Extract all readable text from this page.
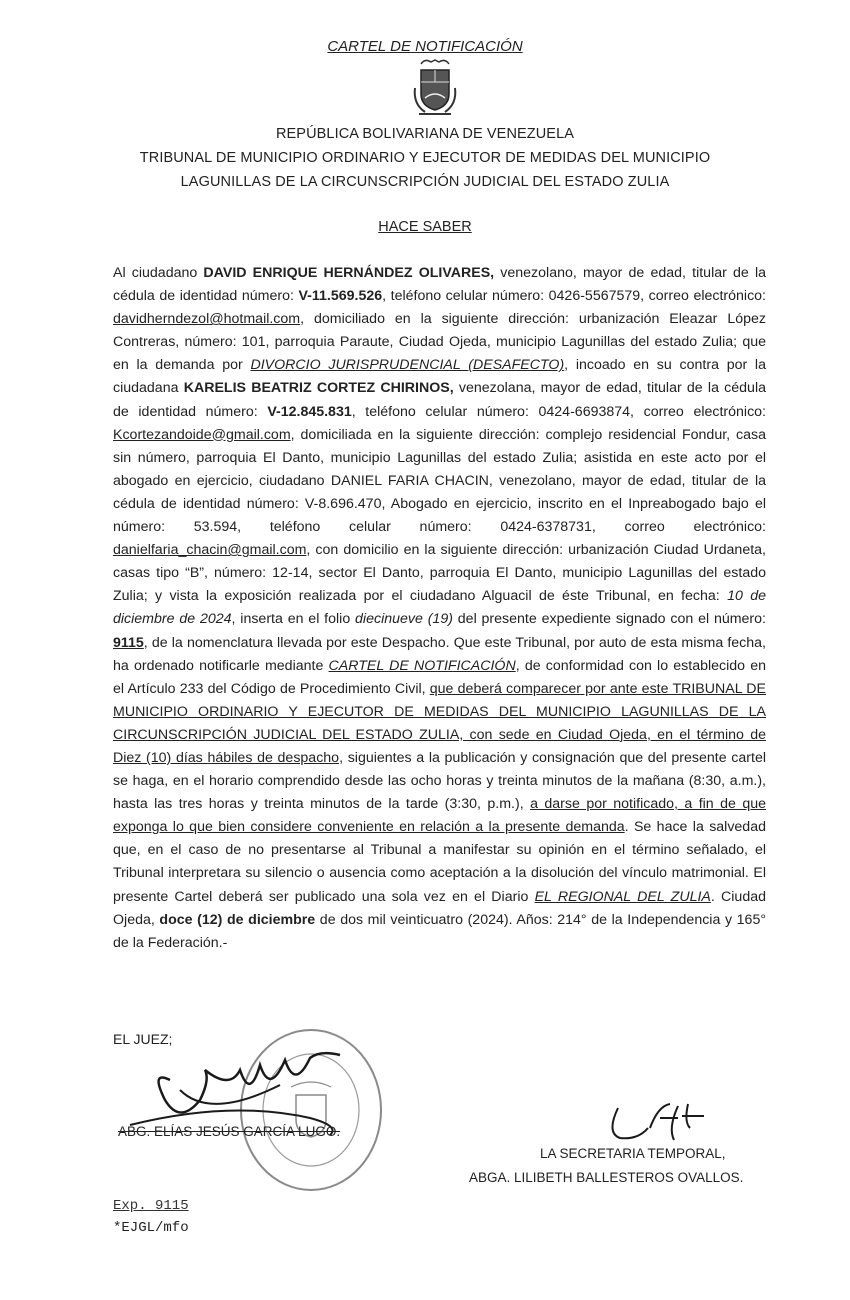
CARTEL DE NOTIFICACIÓN
REPÚBLICA BOLIVARIANA DE VENEZUELA
TRIBUNAL DE MUNICIPIO ORDINARIO Y EJECUTOR DE MEDIDAS DEL MUNICIPIO
LAGUNILLAS DE LA CIRCUNSCRIPCIÓN JUDICIAL DEL ESTADO ZULIA
HACE SABER
Al ciudadano DAVID ENRIQUE HERNÁNDEZ OLIVARES, venezolano, mayor de edad, titular de la cédula de identidad número: V-11.569.526, teléfono celular número: 0426-5567579, correo electrónico: davidherndezol@hotmail.com, domiciliado en la siguiente dirección: urbanización Eleazar López Contreras, número: 101, parroquia Paraute, Ciudad Ojeda, municipio Lagunillas del estado Zulia; que en la demanda por DIVORCIO JURISPRUDENCIAL (DESAFECTO), incoado en su contra por la ciudadana KARELIS BEATRIZ CORTEZ CHIRINOS, venezolana, mayor de edad, titular de la cédula de identidad número: V-12.845.831, teléfono celular número: 0424-6693874, correo electrónico: Kcortezandoide@gmail.com, domiciliada en la siguiente dirección: complejo residencial Fondur, casa sin número, parroquia El Danto, municipio Lagunillas del estado Zulia; asistida en este acto por el abogado en ejercicio, ciudadano DANIEL FARIA CHACIN, venezolano, mayor de edad, titular de la cédula de identidad número: V-8.696.470, Abogado en ejercicio, inscrito en el Inpreabogado bajo el número: 53.594, teléfono celular número: 0424-6378731, correo electrónico: danielfaria_chacin@gmail.com, con domicilio en la siguiente dirección: urbanización Ciudad Urdaneta, casas tipo “B”, número: 12-14, sector El Danto, parroquia El Danto, municipio Lagunillas del estado Zulia; y vista la exposición realizada por el ciudadano Alguacil de éste Tribunal, en fecha: 10 de diciembre de 2024, inserta en el folio diecinueve (19) del presente expediente signado con el número: 9115, de la nomenclatura llevada por este Despacho. Que este Tribunal, por auto de esta misma fecha, ha ordenado notificarle mediante CARTEL DE NOTIFICACIÓN, de conformidad con lo establecido en el Artículo 233 del Código de Procedimiento Civil, que deberá comparecer por ante este TRIBUNAL DE MUNICIPIO ORDINARIO Y EJECUTOR DE MEDIDAS DEL MUNICIPIO LAGUNILLAS DE LA CIRCUNSCRIPCIÓN JUDICIAL DEL ESTADO ZULIA, con sede en Ciudad Ojeda, en el término de Diez (10) días hábiles de despacho, siguientes a la publicación y consignación que del presente cartel se haga, en el horario comprendido desde las ocho horas y treinta minutos de la mañana (8:30, a.m.), hasta las tres horas y treinta minutos de la tarde (3:30, p.m.), a darse por notificado, a fin de que exponga lo que bien considere conveniente en relación a la presente demanda. Se hace la salvedad que, en el caso de no presentarse al Tribunal a manifestar su opinión en el término señalado, el Tribunal interpretara su silencio o ausencia como aceptación a la disolución del vínculo matrimonial. El presente Cartel deberá ser publicado una sola vez en el Diario EL REGIONAL DEL ZULIA. Ciudad Ojeda, doce (12) de diciembre de dos mil veinticuatro (2024). Años: 214° de la Independencia y 165° de la Federación.-
EL JUEZ;
ABG. ELÍAS JESÚS GARCÍA LUGO.
LA SECRETARIA TEMPORAL,
ABGA. LILIBETH BALLESTEROS OVALLOS.
Exp. 9115
*EJGL/mfo
